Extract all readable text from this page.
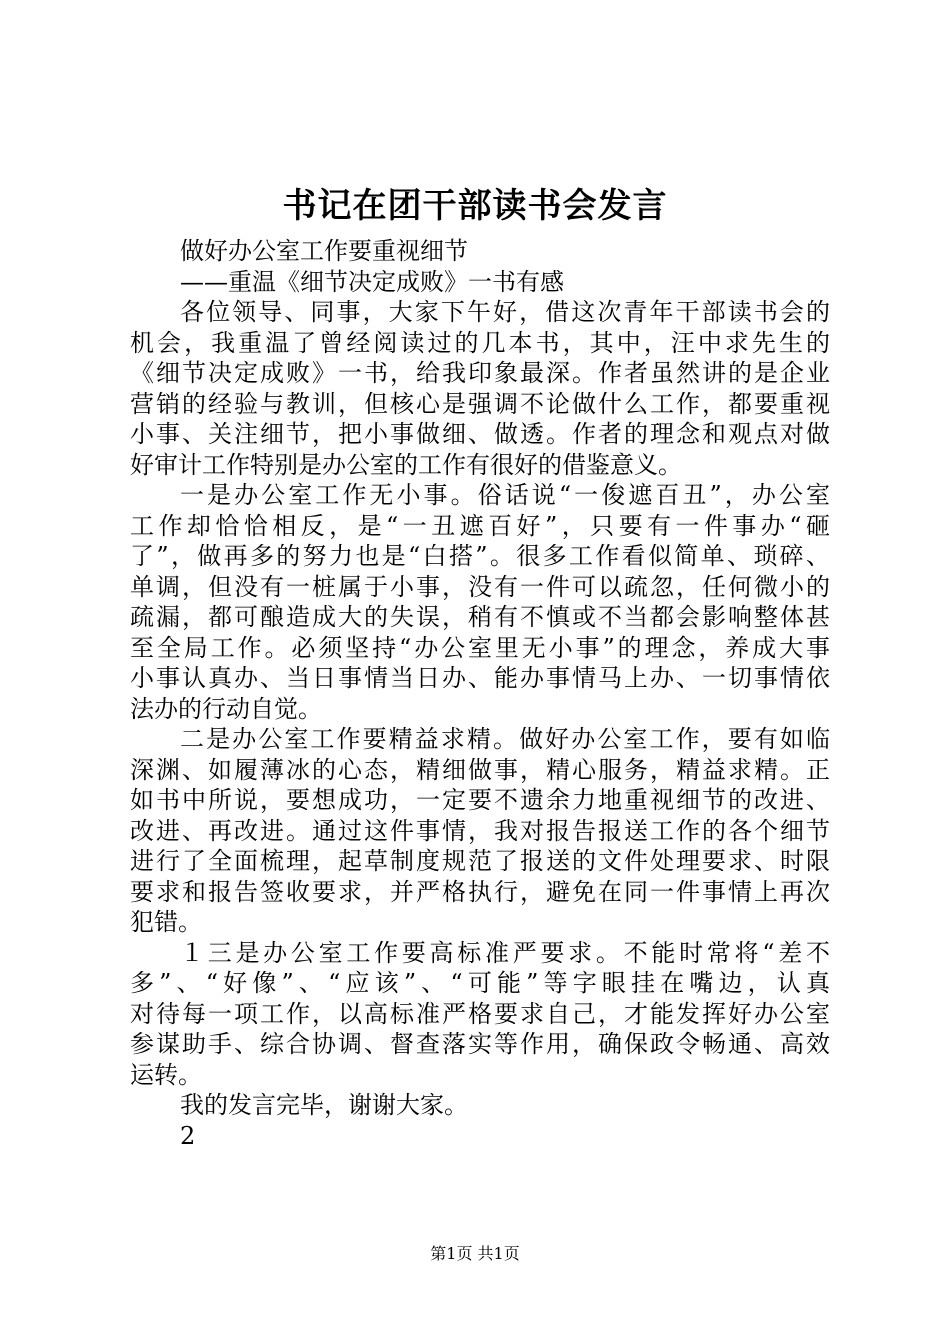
书记在团干部读书会发言
做好办公室工作要重视细节
——重温《细节决定成败》一书有感
各位领导、同事，大家下午好，借这次青年干部读书会的
机会，我重温了曾经阅读过的几本书，其中，汪中求先生的
《细节决定成败》一书，给我印象最深。作者虽然讲的是企业
营销的经验与教训，但核心是强调不论做什么工作，都要重视
小事、关注细节，把小事做细、做透。作者的理念和观点对做
好审计工作特别是办公室的工作有很好的借鉴意义。
一是办公室工作无小事。俗话说“一俊遮百丑”，办公室
工作却恰恰相反，是“一丑遮百好”，只要有一件事办“砸
了”，做再多的努力也是“白搭”。很多工作看似简单、琐碎、
单调，但没有一桩属于小事，没有一件可以疏忽，任何微小的
疏漏，都可酿造成大的失误，稍有不慎或不当都会影响整体甚
至全局工作。必须坚持“办公室里无小事”的理念，养成大事
小事认真办、当日事情当日办、能办事情马上办、一切事情依
法办的行动自觉。
二是办公室工作要精益求精。做好办公室工作，要有如临
深渊、如履薄冰的心态，精细做事，精心服务，精益求精。正
如书中所说，要想成功，一定要不遗余力地重视细节的改进、
改进、再改进。通过这件事情，我对报告报送工作的各个细节
进行了全面梳理，起草制度规范了报送的文件处理要求、时限
要求和报告签收要求，并严格执行，避免在同一件事情上再次
犯错。
１三是办公室工作要高标准严要求。不能时常将“差不
多”、“好像”、“应该”、“可能”等字眼挂在嘴边，认真
对待每一项工作，以高标准严格要求自己，才能发挥好办公室
参谋助手、综合协调、督查落实等作用，确保政令畅通、高效
运转。
我的发言完毕，谢谢大家。
2
第1页 共1页
